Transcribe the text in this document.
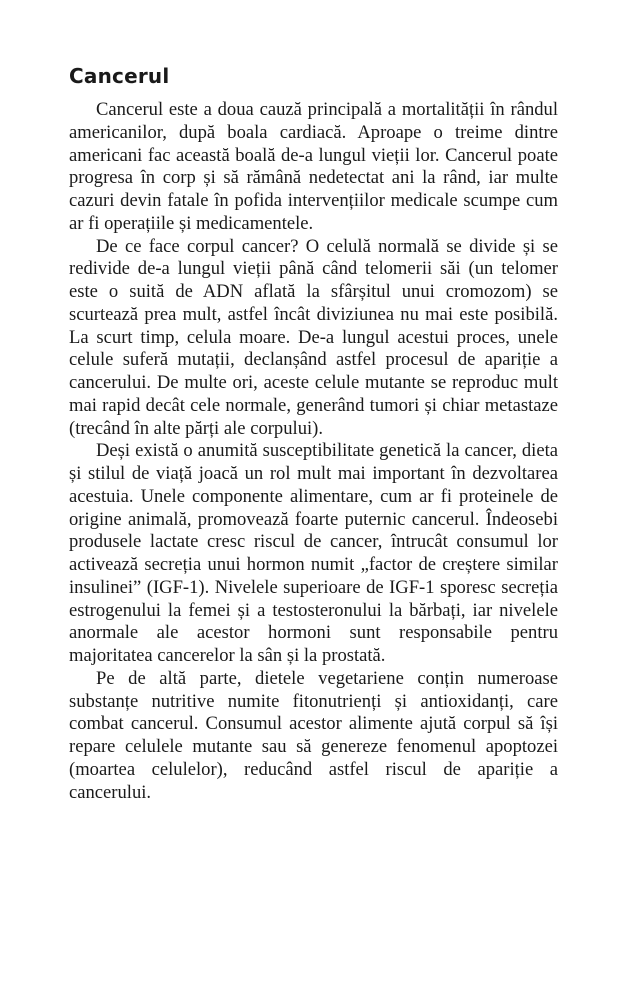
Cancerul

Cancerul este a doua cauză principală a mortalității în rândul americanilor, după boala cardiacă. Aproape o treime dintre americani fac această boală de-a lungul vieții lor. Cancerul poate progresa în corp și să rămână nedetectat ani la rând, iar multe cazuri devin fatale în pofida intervențiilor medicale scumpe cum ar fi operațiile și medicamentele.

De ce face corpul cancer? O celulă normală se divide și se redivide de-a lungul vieții până când telomerii săi (un telomer este o suită de ADN aflată la sfârșitul unui cromozom) se scurtează prea mult, astfel încât diviziunea nu mai este posibilă. La scurt timp, celula moare. De-a lungul acestui proces, unele celule suferă mutații, declanșând astfel procesul de apariție a cancerului. De multe ori, aceste celule mutante se reproduc mult mai rapid decât cele normale, generând tumori și chiar metastaze (trecând în alte părți ale corpului).

Deși există o anumită susceptibilitate genetică la cancer, dieta și stilul de viață joacă un rol mult mai important în dezvoltarea acestuia. Unele componente alimentare, cum ar fi proteinele de origine animală, promovează foarte puternic cancerul. Îndeosebi produsele lactate cresc riscul de cancer, întrucât consumul lor activează secreția unui hormon numit „factor de creștere similar insulinei” (IGF-1). Nivelele superioare de IGF-1 sporesc secreția estrogenului la femei și a testosteronului la bărbați, iar nivelele anormale ale acestor hormoni sunt responsabile pentru majoritatea cancerelor la sân și la prostată.

Pe de altă parte, dietele vegetariene conțin numeroase substanțe nutritive numite fitonutrienți și antioxidanți, care combat cancerul. Consumul acestor alimente ajută corpul să își repare celulele mutante sau să genereze fenomenul apoptozei (moartea celulelor), reducând astfel riscul de apariție a cancerului.
